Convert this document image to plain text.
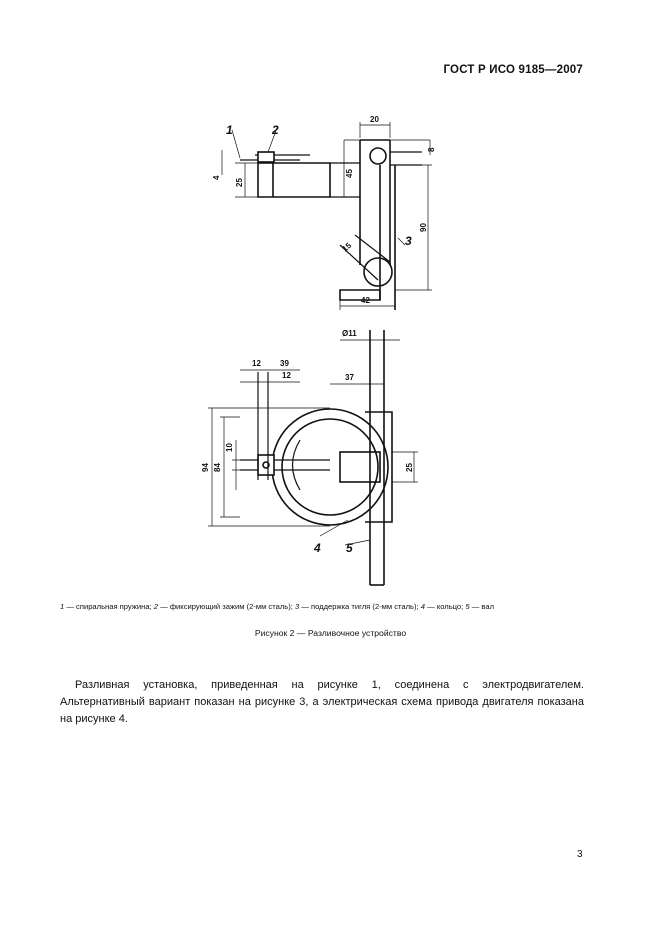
ГОСТ Р ИСО 9185—2007
20
8
4
25
45
90
15
42
1	2
3
Ø11
12 39
12	37
94 84
10
25
4 5
1 — спиральная пружина; 2 — фиксирующий зажим (2-мм сталь); 3 — поддержка тигля (2-мм сталь); 4 — кольцо; 5 — вал
Рисунок 2 — Разливочное устройство

Разливная установка, приведенная на рисунке 1, соединена с электродвигателем. Альтернативный вариант показан на рисунке 3, а электрическая схема привода двигателя показана на рисунке 4.

3
